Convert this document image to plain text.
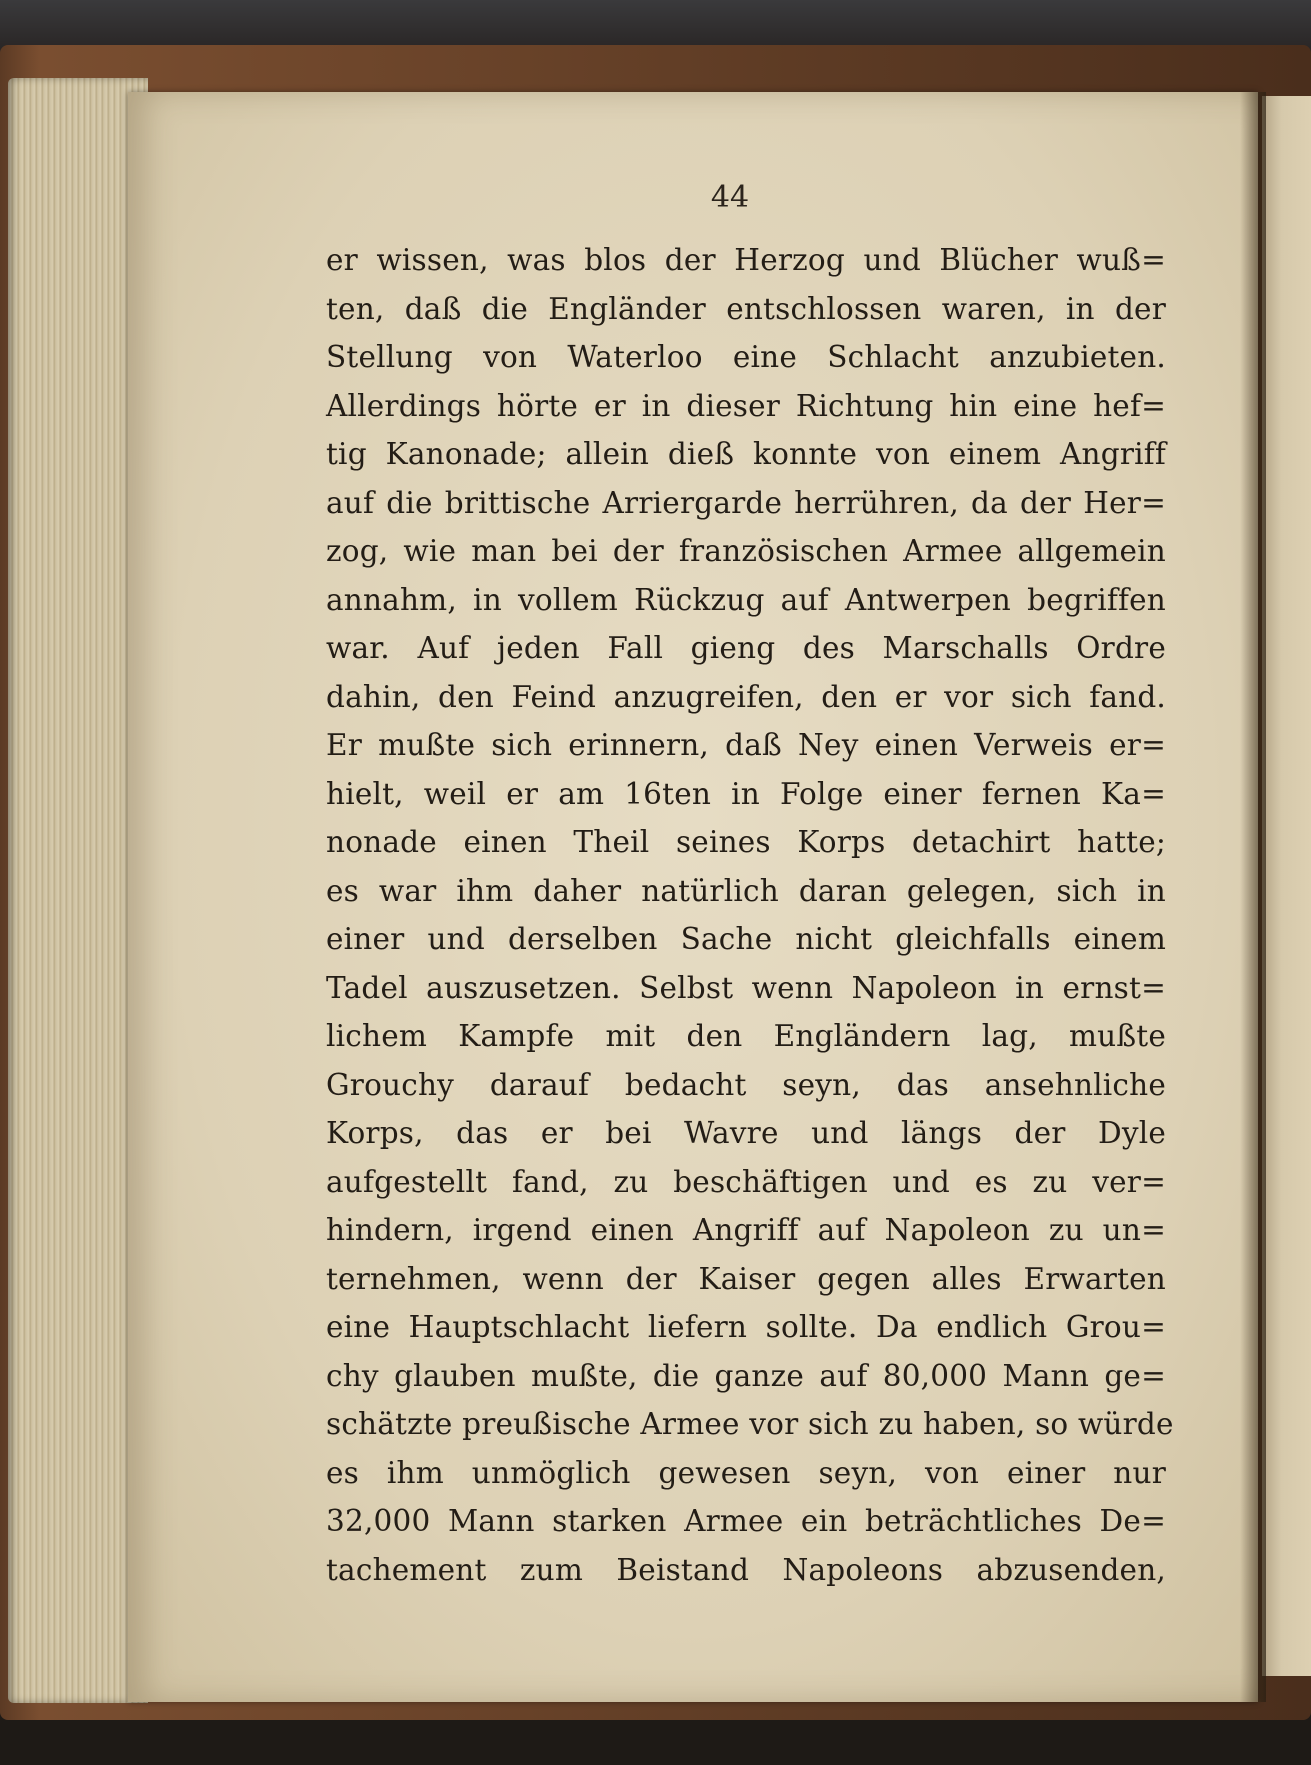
44
er wissen, was blos der Herzog und Blücher wuß=
ten, daß die Engländer entschlossen waren, in der
Stellung von Waterloo eine Schlacht anzubieten.
Allerdings hörte er in dieser Richtung hin eine hef=
tig Kanonade; allein dieß konnte von einem Angriff
auf die brittische Arriergarde herrühren, da der Her=
zog, wie man bei der französischen Armee allgemein
annahm, in vollem Rückzug auf Antwerpen begriffen
war. Auf jeden Fall gieng des Marschalls Ordre
dahin, den Feind anzugreifen, den er vor sich fand.
Er mußte sich erinnern, daß Ney einen Verweis er=
hielt, weil er am 16ten in Folge einer fernen Ka=
nonade einen Theil seines Korps detachirt hatte;
es war ihm daher natürlich daran gelegen, sich in
einer und derselben Sache nicht gleichfalls einem
Tadel auszusetzen. Selbst wenn Napoleon in ernst=
lichem Kampfe mit den Engländern lag, mußte
Grouchy darauf bedacht seyn, das ansehnliche
Korps, das er bei Wavre und längs der Dyle
aufgestellt fand, zu beschäftigen und es zu ver=
hindern, irgend einen Angriff auf Napoleon zu un=
ternehmen, wenn der Kaiser gegen alles Erwarten
eine Hauptschlacht liefern sollte. Da endlich Grou=
chy glauben mußte, die ganze auf 80,000 Mann ge=
schätzte preußische Armee vor sich zu haben, so würde
es ihm unmöglich gewesen seyn, von einer nur
32,000 Mann starken Armee ein beträchtliches De=
tachement zum Beistand Napoleons abzusenden,
